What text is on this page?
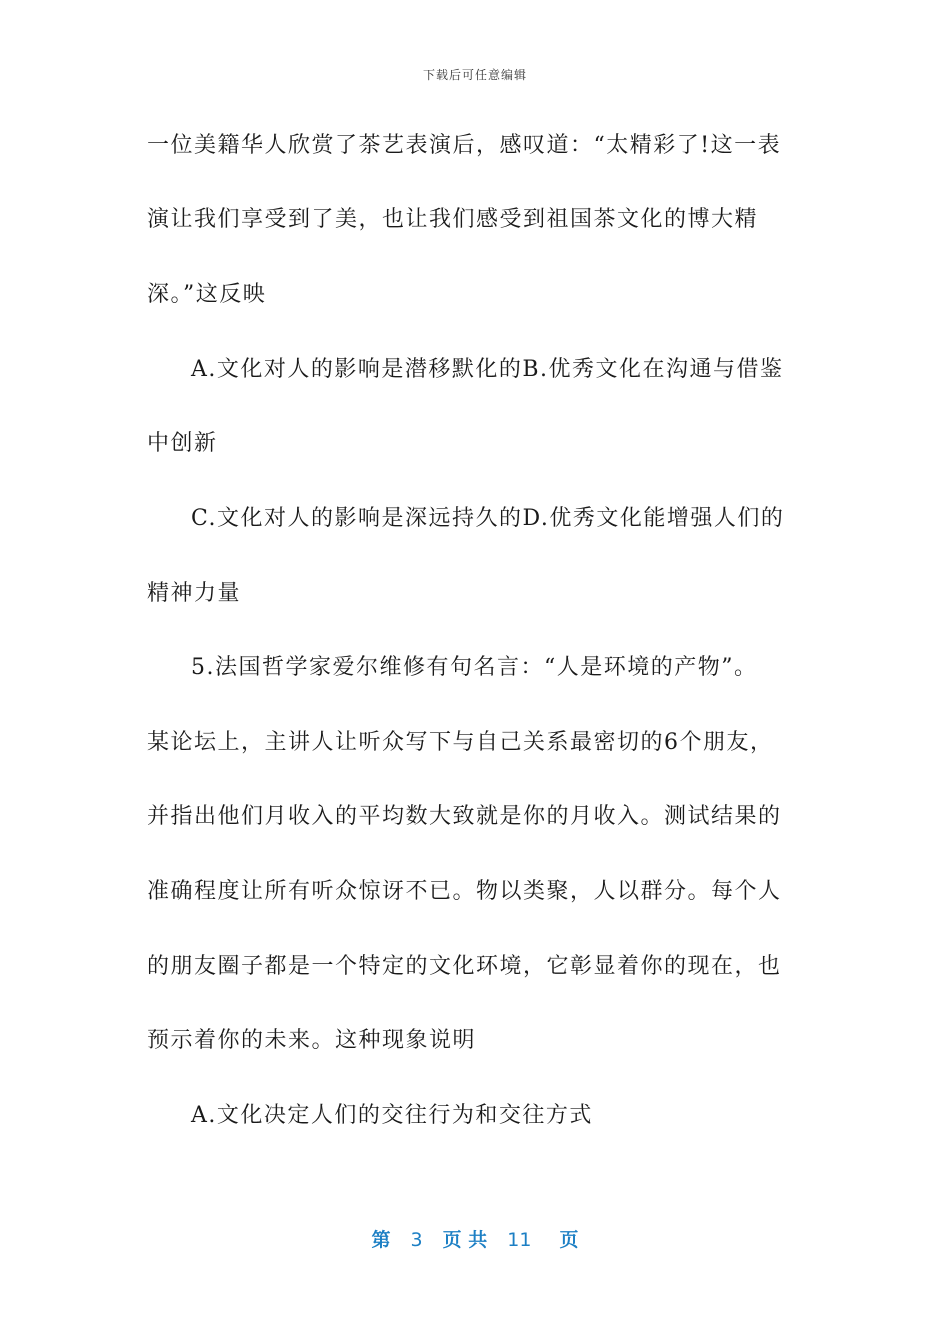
下载后可任意编辑
一位美籍华人欣赏了茶艺表演后，感叹道：“太精彩了!这一表
演让我们享受到了美，也让我们感受到祖国茶文化的博大精
深。”这反映
A.文化对人的影响是潜移默化的B.优秀文化在沟通与借鉴
中创新
C.文化对人的影响是深远持久的D.优秀文化能增强人们的
精神力量
5.法国哲学家爱尔维修有句名言：“人是环境的产物”。
某论坛上，主讲人让听众写下与自己关系最密切的6个朋友，
并指出他们月收入的平均数大致就是你的月收入。测试结果的
准确程度让所有听众惊讶不已。物以类聚，人以群分。每个人
的朋友圈子都是一个特定的文化环境，它彰显着你的现在，也
预示着你的未来。这种现象说明
A.文化决定人们的交往行为和交往方式
第 3 页 共 11 页
